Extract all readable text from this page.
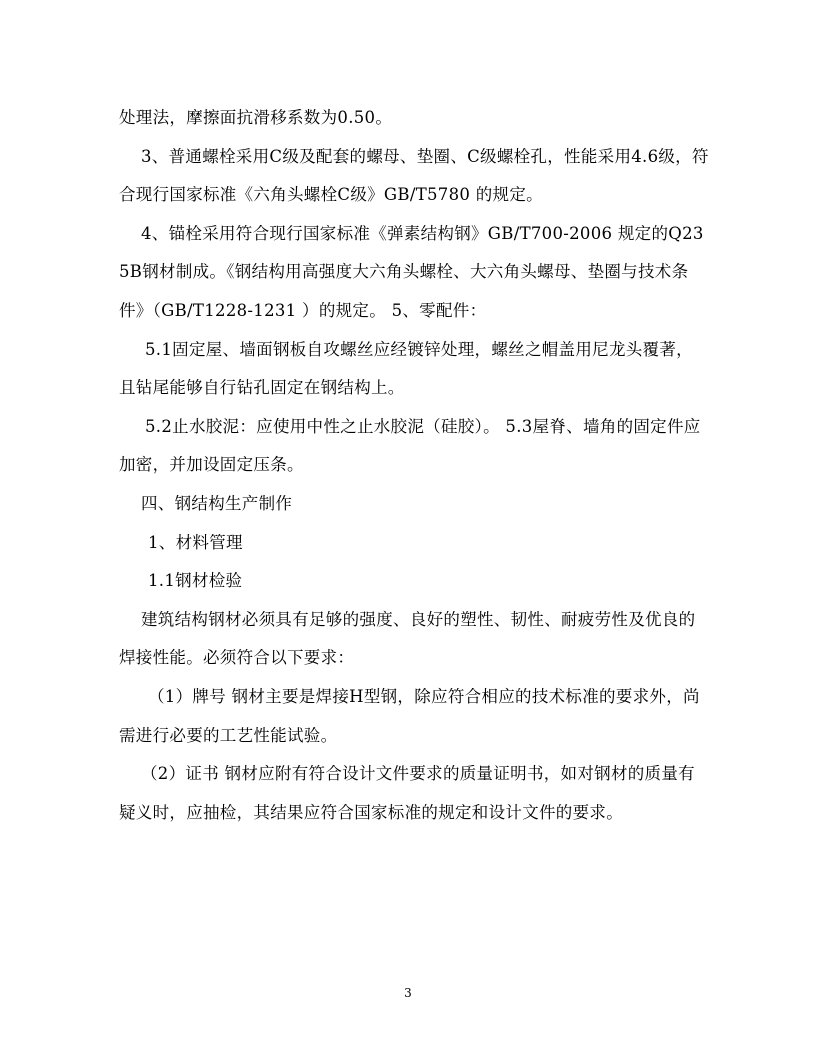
处理法，摩擦面抗滑移系数为0.50。

3、普通螺栓采用C级及配套的螺母、垫圈、C级螺栓孔，性能采用4.6级，符合现行国家标准《六角头螺栓C级》GB/T5780 的规定。

4、锚栓采用符合现行国家标准《弹素结构钢》GB/T700-2006 规定的Q235B钢材制成。《钢结构用高强度大六角头螺栓、大六角头螺母、垫圈与技术条件》（GB/T1228-1231 ）的规定。 5、零配件：

5.1固定屋、墙面钢板自攻螺丝应经镀锌处理，螺丝之帽盖用尼龙头覆著，且钻尾能够自行钻孔固定在钢结构上。

5.2止水胶泥：应使用中性之止水胶泥（硅胶）。 5.3屋脊、墙角的固定件应加密，并加设固定压条。

四、钢结构生产制作

1、材料管理

1.1钢材检验

建筑结构钢材必须具有足够的强度、良好的塑性、韧性、耐疲劳性及优良的焊接性能。必须符合以下要求：

（1）牌号 钢材主要是焊接H型钢，除应符合相应的技术标准的要求外，尚需进行必要的工艺性能试验。

（2）证书 钢材应附有符合设计文件要求的质量证明书，如对钢材的质量有疑义时，应抽检，其结果应符合国家标准的规定和设计文件的要求。

3
